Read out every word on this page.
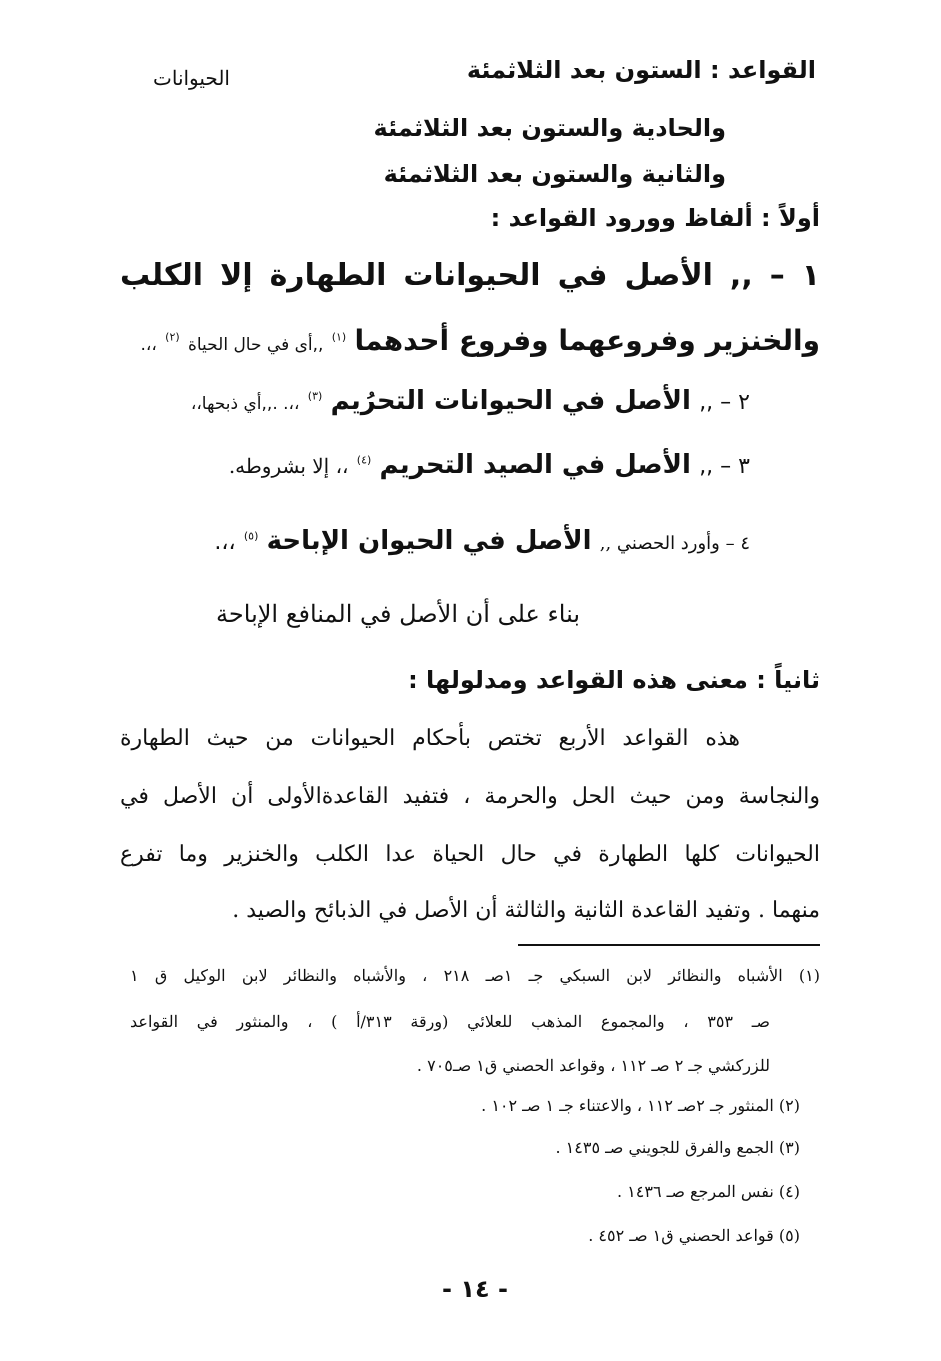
الحيوانات	القواعد : الستون بعد الثلاثمئة
والحادية والستون بعد الثلاثمئة
والثانية والستون بعد الثلاثمئة
أولاً : ألفاظ وورود القواعد :
١ – ,, الأصل في الحيوانات الطهارة إلا الكلب
والخنزير وفروعهما وفروع أحدهما $^{(١)}$ ,,أى في حال الحياة $^{(٢)}$ ،،.
٢ – ,, الأصل في الحيوانات التحرُيم $^{(٣)}$ ،،. .,,أي ذبحها،،
٣ – ,, الأصل في الصيد التحريم $^{(٤)}$ ،، إلا بشروطه.
٤ – وأورد الحصني ,, الأصل في الحيوان الإباحة $^{(٥)}$ ،،.
بناء على أن الأصل في المنافع الإباحة
ثانياً : معنى هذه القواعد ومدلولها :
هذه القواعد الأربع تختص بأحكام الحيوانات من حيث الطهارة
والنجاسة ومن حيث الحل والحرمة ، فتفيد القاعدةالأولى أن الأصل في
الحيوانات كلها الطهارة في حال الحياة عدا الكلب والخنزير وما تفرع
منهما . وتفيد القاعدة الثانية والثالثة أن الأصل في الذبائح والصيد .
(١) الأشباه والنظائر لابن السبكي جـ ١صـ ٢١٨ ، والأشباه والنظائر لابن الوكيل ق ١
صـ ٣٥٣ ، والمجموع المذهب للعلائي (ورقة ٣١٣/أ ) ، والمنثور في القواعد
للزركشي جـ ٢ صـ ١١٢ ، وقواعد الحصني ق١ صـ٧٠٥ .
(٢) المنثور جـ ٢صـ ١١٢ ، والاعتناء جـ ١ صـ ١٠٢ .
(٣) الجمع والفرق للجويني صـ ١٤٣٥ .
(٤) نفس المرجع صـ ١٤٣٦ .
(٥) قواعد الحصني ق١ صـ ٤٥٢ .
- ١٤ -
